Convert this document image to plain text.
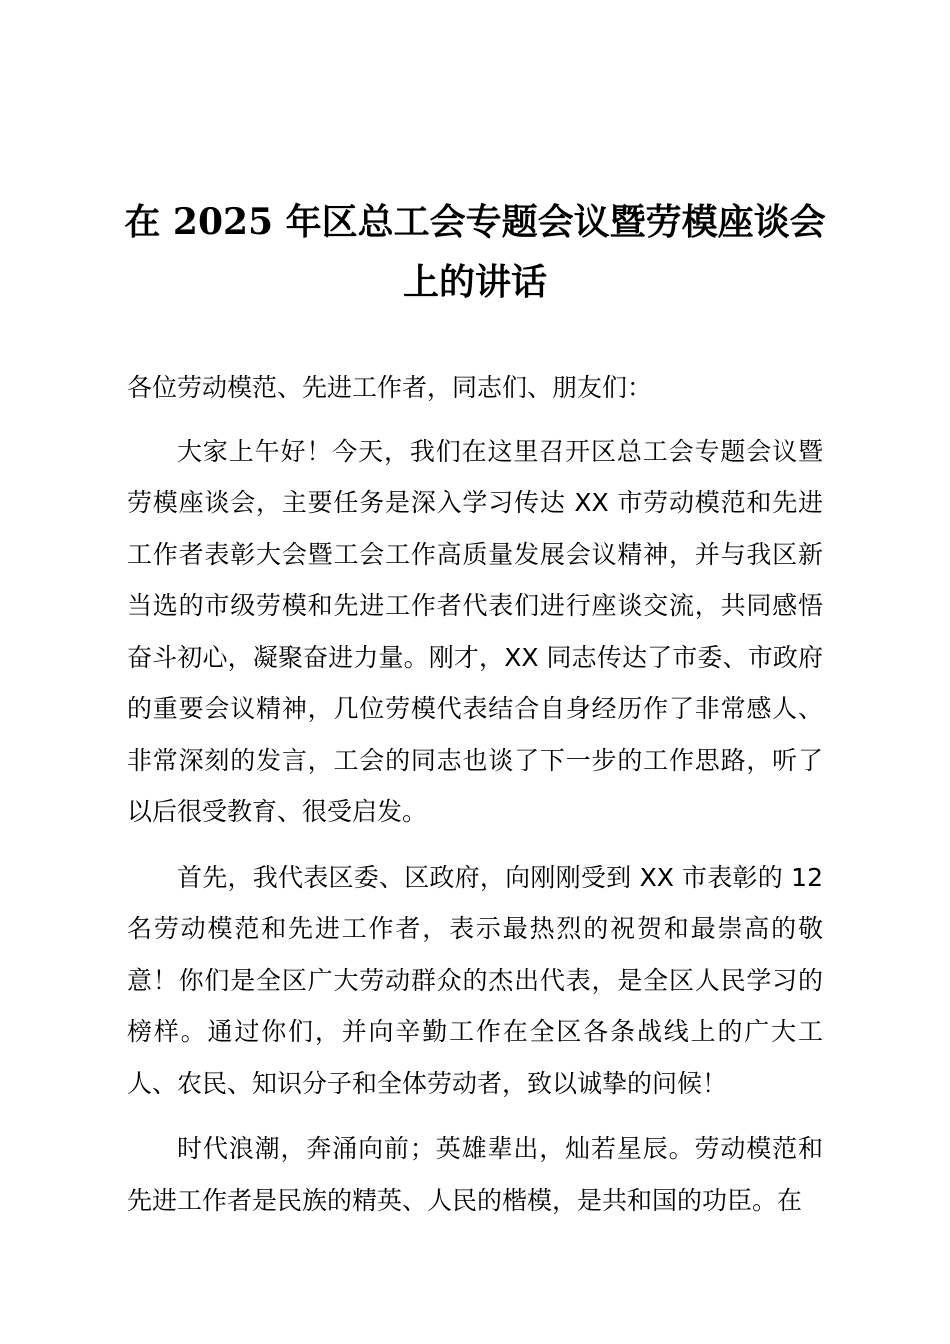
在 2025 年区总工会专题会议暨劳模座谈会上的讲话

各位劳动模范、先进工作者，同志们、朋友们：

大家上午好！今天，我们在这里召开区总工会专题会议暨劳模座谈会，主要任务是深入学习传达 XX 市劳动模范和先进工作者表彰大会暨工会工作高质量发展会议精神，并与我区新当选的市级劳模和先进工作者代表们进行座谈交流，共同感悟奋斗初心，凝聚奋进力量。刚才，XX 同志传达了市委、市政府的重要会议精神，几位劳模代表结合自身经历作了非常感人、非常深刻的发言，工会的同志也谈了下一步的工作思路，听了以后很受教育、很受启发。

首先，我代表区委、区政府，向刚刚受到 XX 市表彰的 12 名劳动模范和先进工作者，表示最热烈的祝贺和最崇高的敬意！你们是全区广大劳动群众的杰出代表，是全区人民学习的榜样。通过你们，并向辛勤工作在全区各条战线上的广大工人、农民、知识分子和全体劳动者，致以诚挚的问候！

时代浪潮，奔涌向前；英雄辈出，灿若星辰。劳动模范和先进工作者是民族的精英、人民的楷模，是共和国的功臣。在
